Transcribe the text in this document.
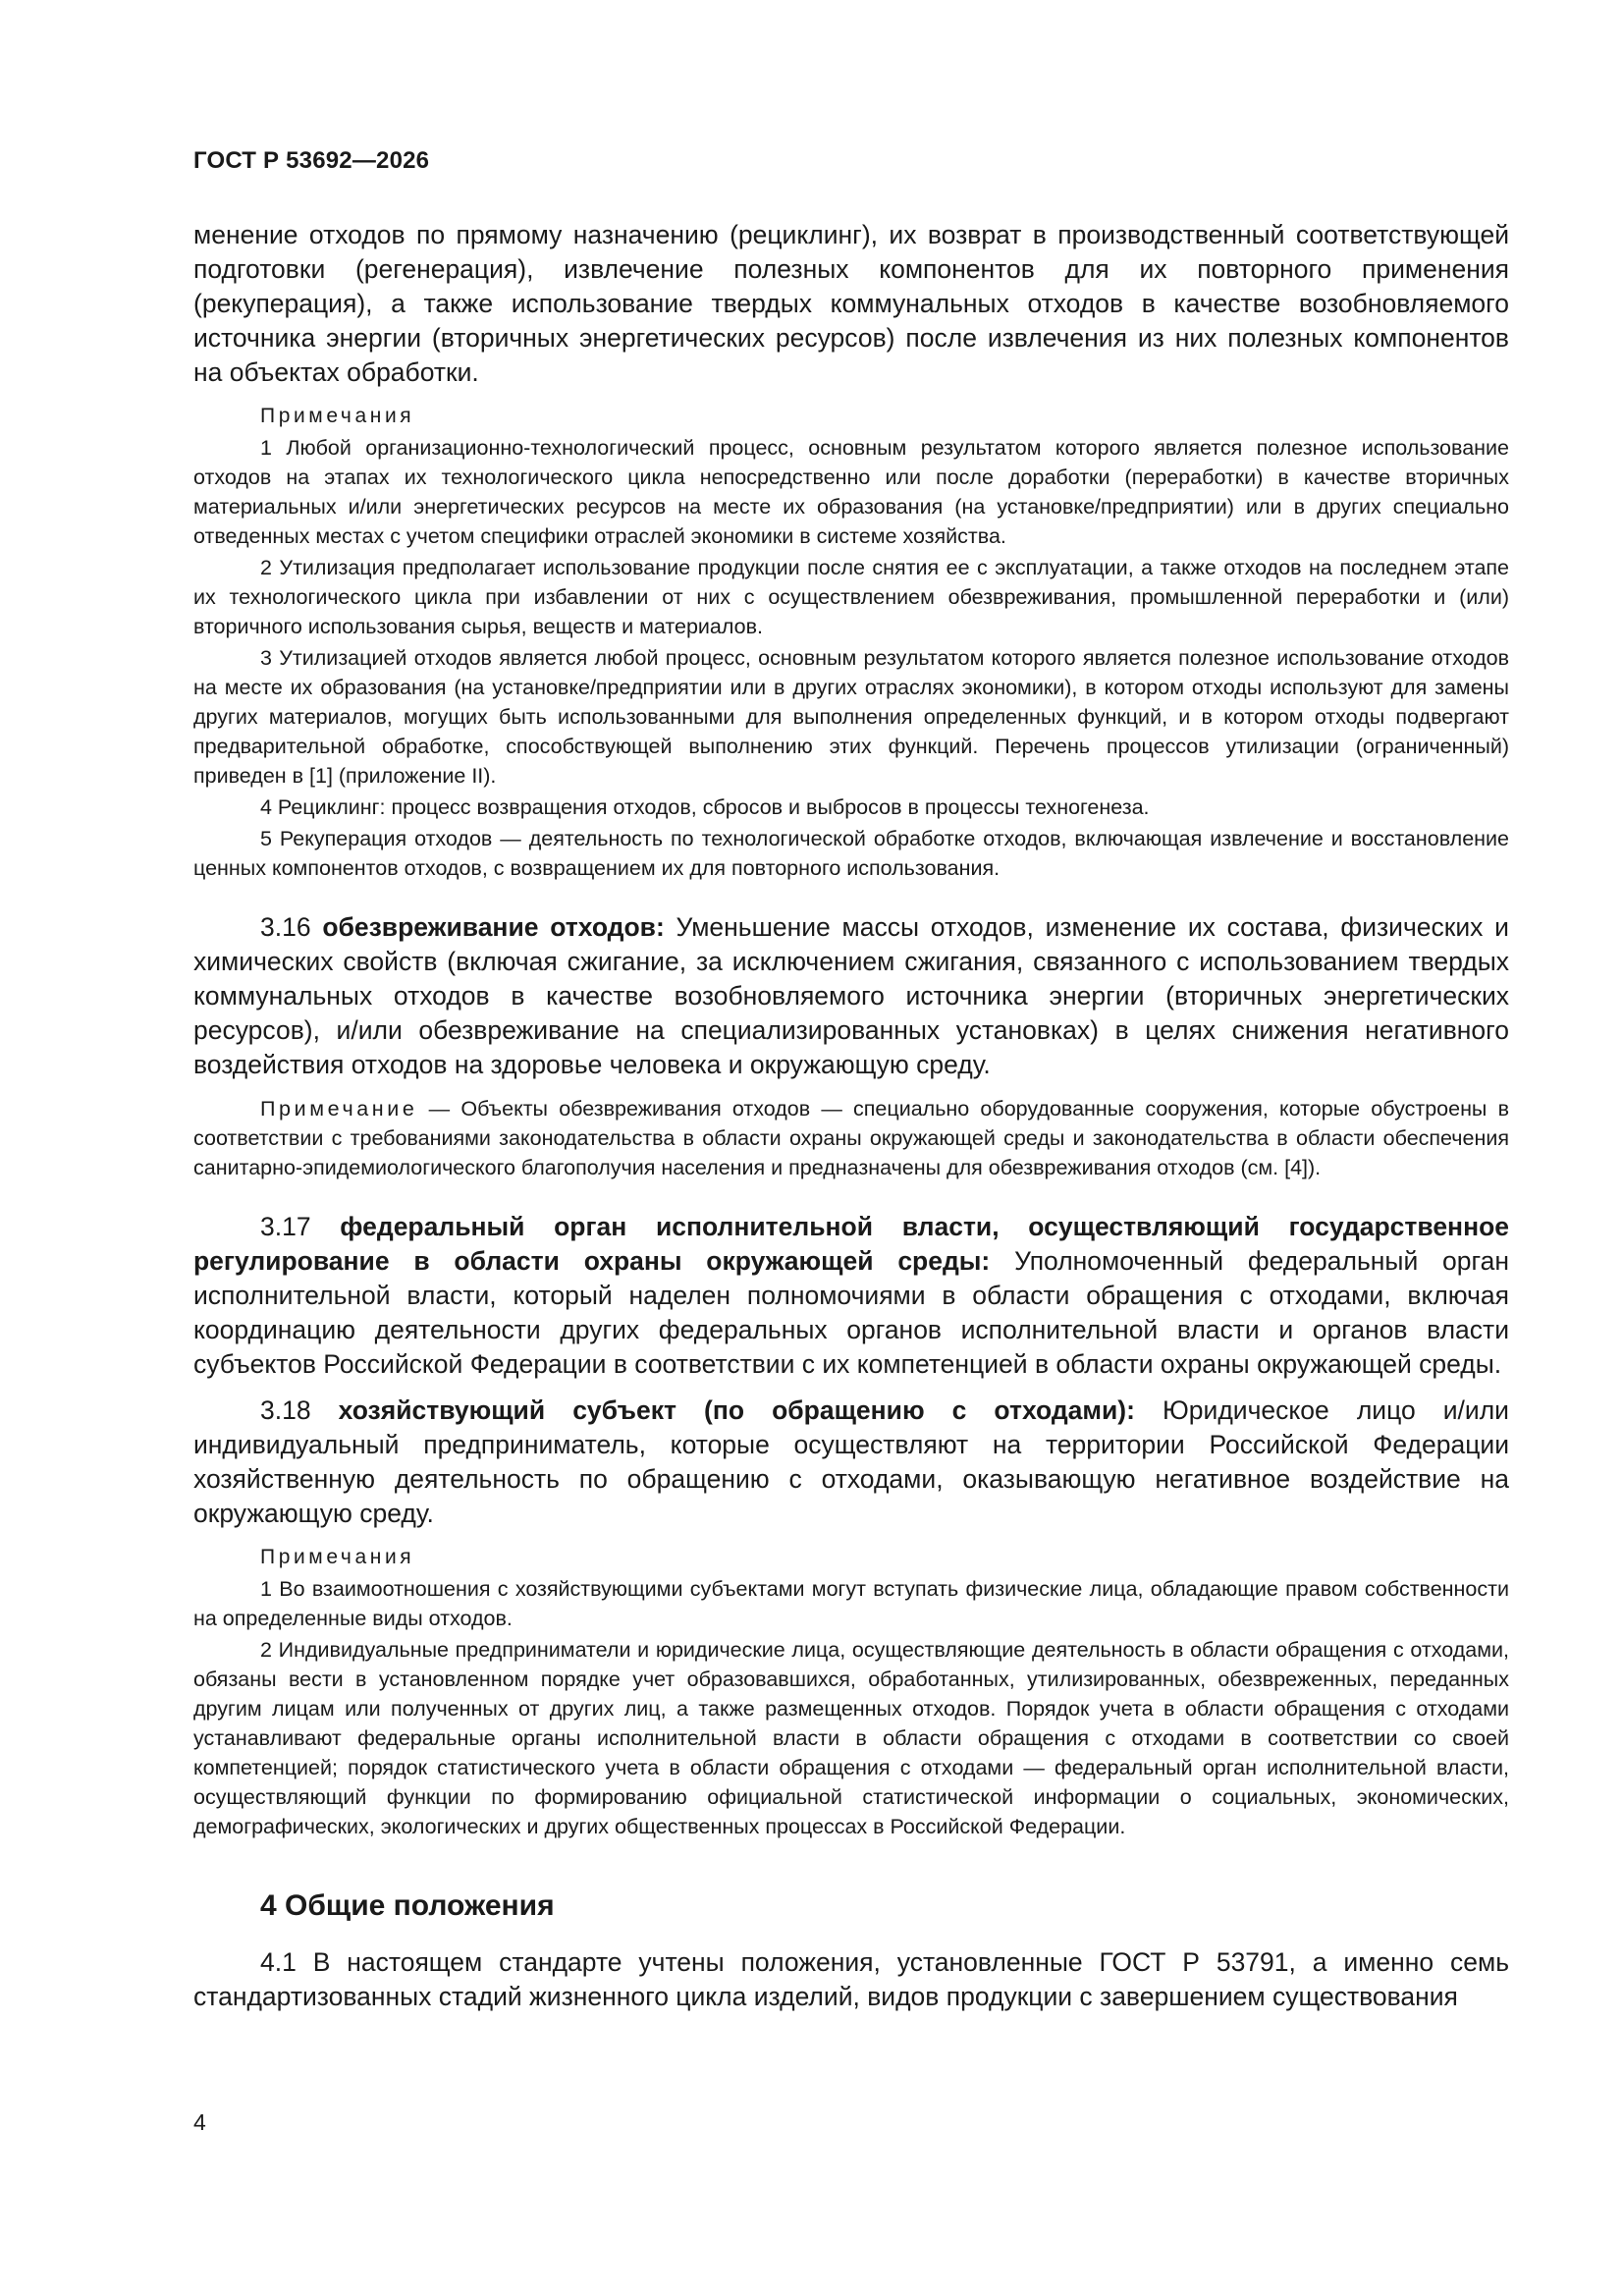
ГОСТ Р 53692—2026

менение отходов по прямому назначению (рециклинг), их возврат в производственный соответствующей подготовки (регенерация), извлечение полезных компонентов для их повторного применения (рекуперация), а также использование твердых коммунальных отходов в качестве возобновляемого источника энергии (вторичных энергетических ресурсов) после извлечения из них полезных компонентов на объектах обработки.

Примечания

1 Любой организационно-технологический процесс, основным результатом которого является полезное использование отходов на этапах их технологического цикла непосредственно или после доработки (переработки) в качестве вторичных материальных и/или энергетических ресурсов на месте их образования (на установке/предприятии) или в других специально отведенных местах с учетом специфики отраслей экономики в системе хозяйства.

2 Утилизация предполагает использование продукции после снятия ее с эксплуатации, а также отходов на последнем этапе их технологического цикла при избавлении от них с осуществлением обезвреживания, промышленной переработки и (или) вторичного использования сырья, веществ и материалов.

3 Утилизацией отходов является любой процесс, основным результатом которого является полезное использование отходов на месте их образования (на установке/предприятии или в других отраслях экономики), в котором отходы используют для замены других материалов, могущих быть использованными для выполнения определенных функций, и в котором отходы подвергают предварительной обработке, способствующей выполнению этих функций. Перечень процессов утилизации (ограниченный) приведен в [1] (приложение II).

4 Рециклинг: процесс возвращения отходов, сбросов и выбросов в процессы техногенеза.

5 Рекуперация отходов — деятельность по технологической обработке отходов, включающая извлечение и восстановление ценных компонентов отходов, с возвращением их для повторного использования.

3.16 обезвреживание отходов: Уменьшение массы отходов, изменение их состава, физических и химических свойств (включая сжигание, за исключением сжигания, связанного с использованием твердых коммунальных отходов в качестве возобновляемого источника энергии (вторичных энергетических ресурсов), и/или обезвреживание на специализированных установках) в целях снижения негативного воздействия отходов на здоровье человека и окружающую среду.

Примечание — Объекты обезвреживания отходов — специально оборудованные сооружения, которые обустроены в соответствии с требованиями законодательства в области охраны окружающей среды и законодательства в области обеспечения санитарно-эпидемиологического благополучия населения и предназначены для обезвреживания отходов (см. [4]).

3.17 федеральный орган исполнительной власти, осуществляющий государственное регулирование в области охраны окружающей среды: Уполномоченный федеральный орган исполнительной власти, который наделен полномочиями в области обращения с отходами, включая координацию деятельности других федеральных органов исполнительной власти и органов власти субъектов Российской Федерации в соответствии с их компетенцией в области охраны окружающей среды.

3.18 хозяйствующий субъект (по обращению с отходами): Юридическое лицо и/или индивидуальный предприниматель, которые осуществляют на территории Российской Федерации хозяйственную деятельность по обращению с отходами, оказывающую негативное воздействие на окружающую среду.

Примечания

1 Во взаимоотношения с хозяйствующими субъектами могут вступать физические лица, обладающие правом собственности на определенные виды отходов.

2 Индивидуальные предприниматели и юридические лица, осуществляющие деятельность в области обращения с отходами, обязаны вести в установленном порядке учет образовавшихся, обработанных, утилизированных, обезвреженных, переданных другим лицам или полученных от других лиц, а также размещенных отходов. Порядок учета в области обращения с отходами устанавливают федеральные органы исполнительной власти в области обращения с отходами в соответствии со своей компетенцией; порядок статистического учета в области обращения с отходами — федеральный орган исполнительной власти, осуществляющий функции по формированию официальной статистической информации о социальных, экономических, демографических, экологических и других общественных процессах в Российской Федерации.

4 Общие положения

4.1 В настоящем стандарте учтены положения, установленные ГОСТ Р 53791, а именно семь стандартизованных стадий жизненного цикла изделий, видов продукции с завершением существования

4
